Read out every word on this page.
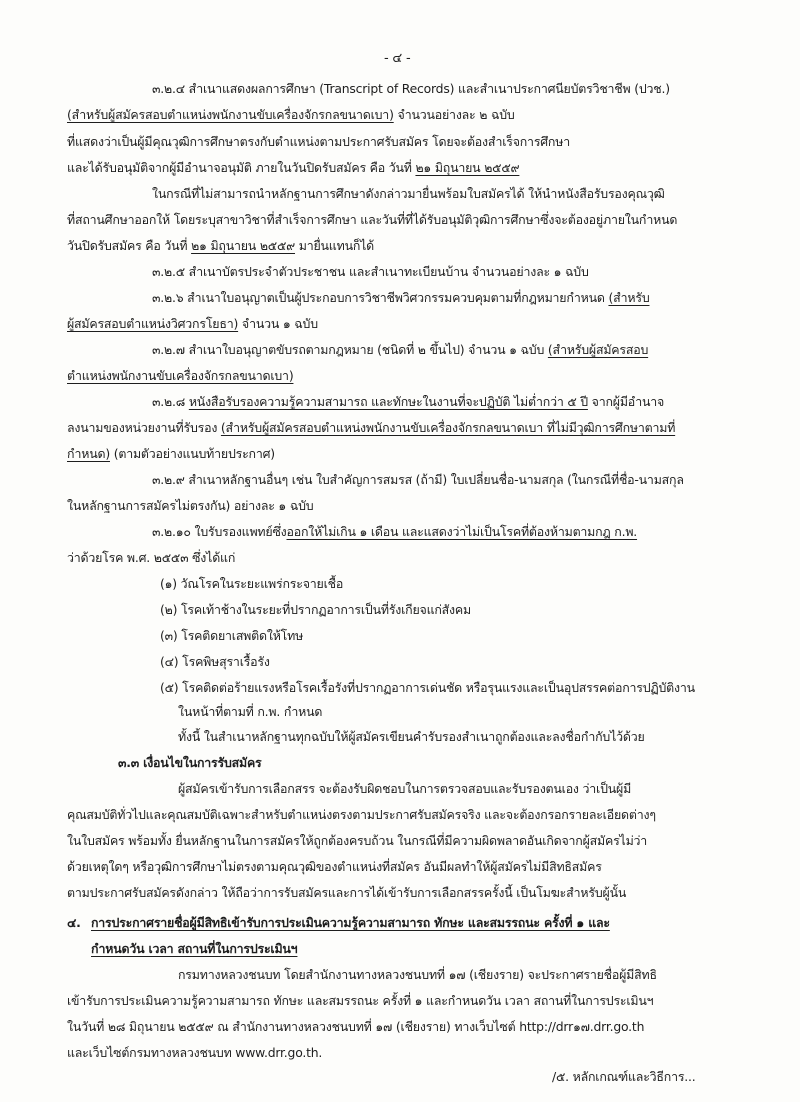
- ๔ -
๓.๒.๔ สำเนาแสดงผลการศึกษา (Transcript of Records) และสำเนาประกาศนียบัตรวิชาชีพ (ปวช.)
(สำหรับผู้สมัครสอบตำแหน่งพนักงานขับเครื่องจักรกลขนาดเบา) จำนวนอย่างละ ๒ ฉบับ
ที่แสดงว่าเป็นผู้มีคุณวุฒิการศึกษาตรงกับตำแหน่งตามประกาศรับสมัคร โดยจะต้องสำเร็จการศึกษา
และได้รับอนุมัติจากผู้มีอำนาจอนุมัติ ภายในวันปิดรับสมัคร คือ วันที่ ๒๑ มิถุนายน ๒๕๕๙
ในกรณีที่ไม่สามารถนำหลักฐานการศึกษาดังกล่าวมายื่นพร้อมใบสมัครได้ ให้นำหนังสือรับรองคุณวุฒิ
ที่สถานศึกษาออกให้ โดยระบุสาขาวิชาที่สำเร็จการศึกษา และวันที่ที่ได้รับอนุมัติวุฒิการศึกษาซึ่งจะต้องอยู่ภายในกำหนด
วันปิดรับสมัคร คือ วันที่ ๒๑ มิถุนายน ๒๕๕๙ มายื่นแทนก็ได้
๓.๒.๕ สำเนาบัตรประจำตัวประชาชน และสำเนาทะเบียนบ้าน จำนวนอย่างละ ๑ ฉบับ
๓.๒.๖ สำเนาใบอนุญาตเป็นผู้ประกอบการวิชาชีพวิศวกรรมควบคุมตามที่กฎหมายกำหนด (สำหรับ
ผู้สมัครสอบตำแหน่งวิศวกรโยธา) จำนวน ๑ ฉบับ
๓.๒.๗ สำเนาใบอนุญาตขับรถตามกฎหมาย (ชนิดที่ ๒ ขึ้นไป) จำนวน ๑ ฉบับ (สำหรับผู้สมัครสอบ
ตำแหน่งพนักงานขับเครื่องจักรกลขนาดเบา)
๓.๒.๘ หนังสือรับรองความรู้ความสามารถ และทักษะในงานที่จะปฏิบัติ ไม่ต่ำกว่า ๕ ปี จากผู้มีอำนาจ
ลงนามของหน่วยงานที่รับรอง (สำหรับผู้สมัครสอบตำแหน่งพนักงานขับเครื่องจักรกลขนาดเบา ที่ไม่มีวุฒิการศึกษาตามที่
กำหนด) (ตามตัวอย่างแนบท้ายประกาศ)
๓.๒.๙ สำเนาหลักฐานอื่นๆ เช่น ใบสำคัญการสมรส (ถ้ามี) ใบเปลี่ยนชื่อ-นามสกุล (ในกรณีที่ชื่อ-นามสกุล
ในหลักฐานการสมัครไม่ตรงกัน) อย่างละ ๑ ฉบับ
๓.๒.๑๐ ใบรับรองแพทย์ซึ่งออกให้ไม่เกิน ๑ เดือน และแสดงว่าไม่เป็นโรคที่ต้องห้ามตามกฎ ก.พ.
ว่าด้วยโรค พ.ศ. ๒๕๕๓ ซึ่งได้แก่
(๑) วัณโรคในระยะแพร่กระจายเชื้อ
(๒) โรคเท้าช้างในระยะที่ปรากฏอาการเป็นที่รังเกียจแก่สังคม
(๓) โรคติดยาเสพติดให้โทษ
(๔) โรคพิษสุราเรื้อรัง
(๕) โรคติดต่อร้ายแรงหรือโรคเรื้อรังที่ปรากฏอาการเด่นชัด หรือรุนแรงและเป็นอุปสรรคต่อการปฏิบัติงาน
ในหน้าที่ตามที่ ก.พ. กำหนด
ทั้งนี้ ในสำเนาหลักฐานทุกฉบับให้ผู้สมัครเขียนคำรับรองสำเนาถูกต้องและลงชื่อกำกับไว้ด้วย
๓.๓ เงื่อนไขในการรับสมัคร
ผู้สมัครเข้ารับการเลือกสรร จะต้องรับผิดชอบในการตรวจสอบและรับรองตนเอง ว่าเป็นผู้มี
คุณสมบัติทั่วไปและคุณสมบัติเฉพาะสำหรับตำแหน่งตรงตามประกาศรับสมัครจริง และจะต้องกรอกรายละเอียดต่างๆ
ในใบสมัคร พร้อมทั้ง ยื่นหลักฐานในการสมัครให้ถูกต้องครบถ้วน ในกรณีที่มีความผิดพลาดอันเกิดจากผู้สมัครไม่ว่า
ด้วยเหตุใดๆ หรือวุฒิการศึกษาไม่ตรงตามคุณวุฒิของตำแหน่งที่สมัคร อันมีผลทำให้ผู้สมัครไม่มีสิทธิสมัคร
ตามประกาศรับสมัครดังกล่าว ให้ถือว่าการรับสมัครและการได้เข้ารับการเลือกสรรครั้งนี้ เป็นโมฆะสำหรับผู้นั้น
๔. การประกาศรายชื่อผู้มีสิทธิเข้ารับการประเมินความรู้ความสามารถ ทักษะ และสมรรถนะ ครั้งที่ ๑ และ
กำหนดวัน เวลา สถานที่ในการประเมินฯ
กรมทางหลวงชนบท โดยสำนักงานทางหลวงชนบทที่ ๑๗ (เชียงราย) จะประกาศรายชื่อผู้มีสิทธิ
เข้ารับการประเมินความรู้ความสามารถ ทักษะ และสมรรถนะ ครั้งที่ ๑ และกำหนดวัน เวลา สถานที่ในการประเมินฯ
ในวันที่ ๒๘ มิถุนายน ๒๕๕๙ ณ สำนักงานทางหลวงชนบทที่ ๑๗ (เชียงราย) ทางเว็บไซต์ http://drr๑๗.drr.go.th
และเว็บไซต์กรมทางหลวงชนบท www.drr.go.th.
/๕. หลักเกณฑ์และวิธีการ...
